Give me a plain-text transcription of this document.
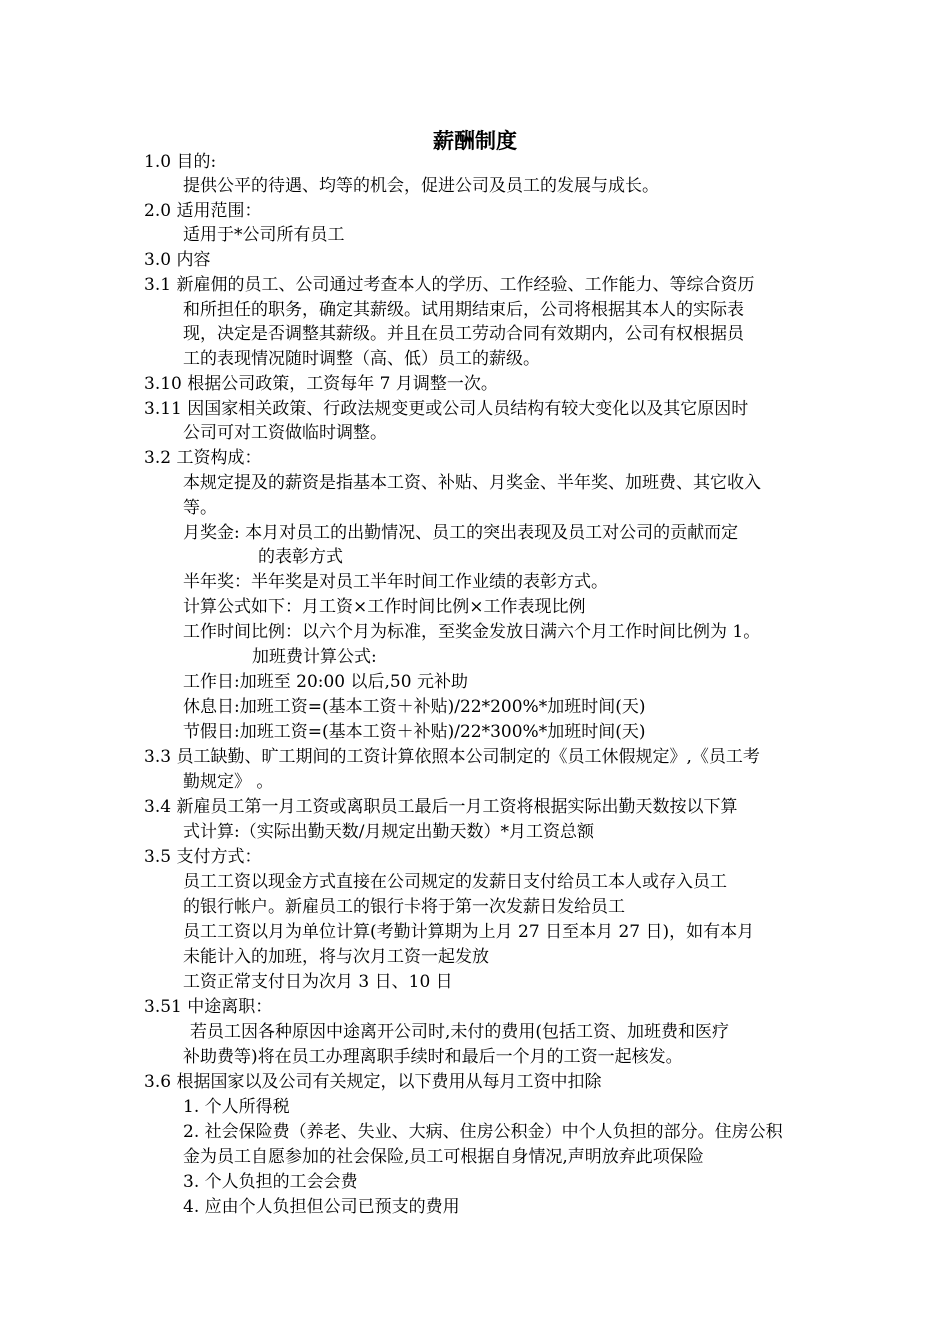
薪酬制度
1.0 目的:
提供公平的待遇、均等的机会，促进公司及员工的发展与成长。
2.0 适用范围：
适用于*公司所有员工
3.0 内容
3.1 新雇佣的员工、公司通过考查本人的学历、工作经验、工作能力、等综合资历
和所担任的职务，确定其薪级。试用期结束后，公司将根据其本人的实际表
现，决定是否调整其薪级。并且在员工劳动合同有效期内，公司有权根据员
工的表现情况随时调整（高、低）员工的薪级。
3.10 根据公司政策，工资每年 7 月调整一次。
3.11 因国家相关政策、行政法规变更或公司人员结构有较大变化以及其它原因时
公司可对工资做临时调整。
3.2 工资构成：
本规定提及的薪资是指基本工资、补贴、月奖金、半年奖、加班费、其它收入
等。
月奖金: 本月对员工的出勤情况、员工的突出表现及员工对公司的贡献而定
的表彰方式
半年奖：半年奖是对员工半年时间工作业绩的表彰方式。
计算公式如下：月工资×工作时间比例×工作表现比例
工作时间比例：以六个月为标准，至奖金发放日满六个月工作时间比例为 1。
加班费计算公式:
工作日:加班至 20:00 以后,50 元补助
休息日:加班工资=(基本工资＋补贴)/22*200%*加班时间(天)
节假日:加班工资=(基本工资＋补贴)/22*300%*加班时间(天)
3.3 员工缺勤、旷工期间的工资计算依照本公司制定的《员工休假规定》,《员工考
勤规定》 。
3.4 新雇员工第一月工资或离职员工最后一月工资将根据实际出勤天数按以下算
式计算:（实际出勤天数/月规定出勤天数）*月工资总额
3.5 支付方式：
员工工资以现金方式直接在公司规定的发薪日支付给员工本人或存入员工
的银行帐户。新雇员工的银行卡将于第一次发薪日发给员工
员工工资以月为单位计算(考勤计算期为上月 27 日至本月 27 日)，如有本月
未能计入的加班，将与次月工资一起发放
工资正常支付日为次月 3 日、10 日
3.51 中途离职：
若员工因各种原因中途离开公司时,未付的费用(包括工资、加班费和医疗
补助费等)将在员工办理离职手续时和最后一个月的工资一起核发。
3.6 根据国家以及公司有关规定，以下费用从每月工资中扣除
1. 个人所得税
2. 社会保险费（养老、失业、大病、住房公积金）中个人负担的部分。住房公积
金为员工自愿参加的社会保险,员工可根据自身情况,声明放弃此项保险
3. 个人负担的工会会费
4. 应由个人负担但公司已预支的费用
